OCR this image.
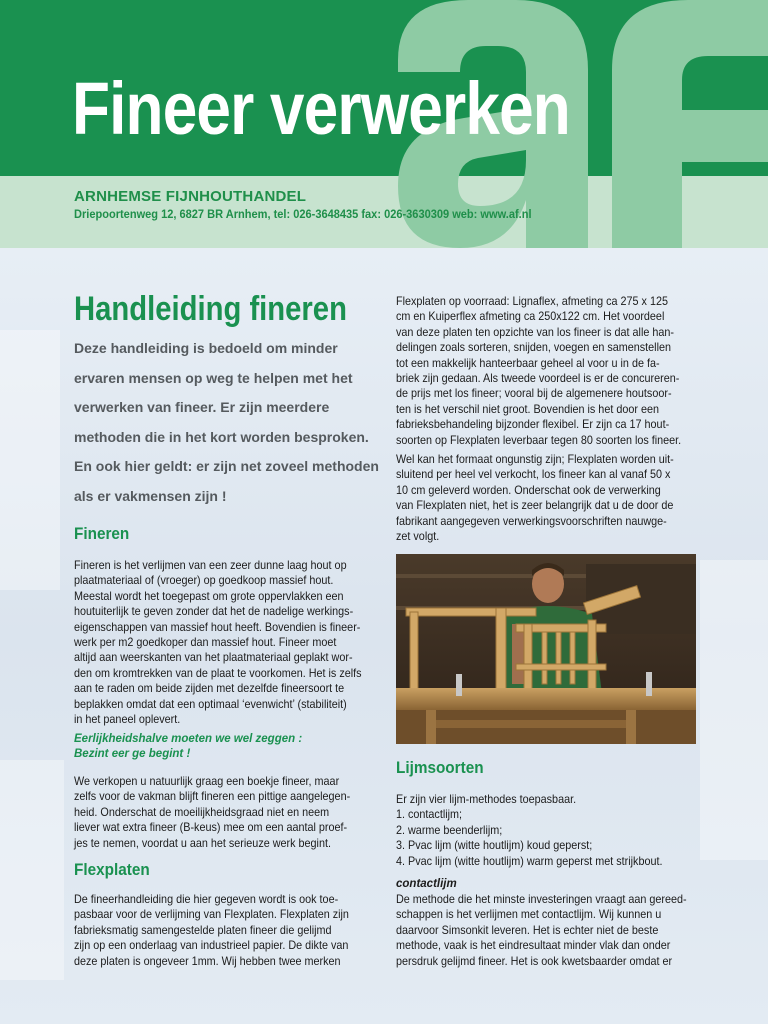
Fineer verwerken
ARNHEMSE FIJNHOUTHANDEL
Driepoortenweg 12, 6827 BR Arnhem, tel: 026-3648435 fax: 026-3630309 web: www.af.nl
Handleiding fineren

Deze handleiding is bedoeld om minder
ervaren mensen op weg te helpen met het
verwerken van fineer. Er zijn meerdere
methoden die in het kort worden besproken.
En ook hier geldt: er zijn net zoveel methoden
als er vakmensen zijn !

Fineren

Fineren is het verlijmen van een zeer dunne laag hout op
plaatmateriaal of (vroeger) op goedkoop massief hout.
Meestal wordt het toegepast om grote oppervlakken een
houtuiterlijk te geven zonder dat het de nadelige werkings-
eigenschappen van massief hout heeft. Bovendien is fineer-
werk per m2 goedkoper dan massief hout. Fineer moet
altijd aan weerskanten van het plaatmateriaal geplakt wor-
den om kromtrekken van de plaat te voorkomen. Het is zelfs
aan te raden om beide zijden met dezelfde fineersoort te
beplakken omdat dat een optimaal ‘evenwicht’ (stabiliteit)
in het paneel oplevert.

Eerlijkheidshalve moeten we wel zeggen :
Bezint eer ge begint !

We verkopen u natuurlijk graag een boekje fineer, maar
zelfs voor de vakman blijft fineren een pittige aangelegen-
heid. Onderschat de moeilijkheidsgraad niet en neem
liever wat extra fineer (B-keus) mee om een aantal proef-
jes te nemen, voordat u aan het serieuze werk begint.

Flexplaten

De fineerhandleiding die hier gegeven wordt is ook toe-
pasbaar voor de verlijming van Flexplaten. Flexplaten zijn
fabrieksmatig samengestelde platen fineer die gelijmd
zijn op een onderlaag van industrieel papier. De dikte van
deze platen is ongeveer 1mm. Wij hebben twee merken

Flexplaten op voorraad: Lignaflex, afmeting ca 275 x 125
cm en Kuiperflex afmeting ca 250x122 cm. Het voordeel
van deze platen ten opzichte van los fineer is dat alle han-
delingen zoals sorteren, snijden, voegen en samenstellen
tot een makkelijk hanteerbaar geheel al voor u in de fa-
briek zijn gedaan. Als tweede voordeel is er de concureren-
de prijs met los fineer; vooral bij de algemenere houtsoor-
ten is het verschil niet groot. Bovendien is het door een
fabrieksbehandeling bijzonder flexibel. Er zijn ca 17 hout-
soorten op Flexplaten leverbaar tegen 80 soorten los fineer.

Wel kan het formaat ongunstig zijn; Flexplaten worden uit-
sluitend per heel vel verkocht, los fineer kan al vanaf 50 x
10 cm geleverd worden. Onderschat ook de verwerking
van Flexplaten niet, het is zeer belangrijk dat u de door de
fabrikant aangegeven verwerkingsvoorschriften nauwge-
zet volgt.

Lijmsoorten

Er zijn vier lijm-methodes toepasbaar.
1. contactlijm;
2. warme beenderlijm;
3. Pvac lijm (witte houtlijm) koud geperst;
4. Pvac lijm (witte houtlijm) warm geperst met strijkbout.

contactlijm

De methode die het minste investeringen vraagt aan gereed-
schappen is het verlijmen met contactlijm. Wij kunnen u
daarvoor Simsonkit leveren. Het is echter niet de beste
methode, vaak is het eindresultaat minder vlak dan onder
persdruk gelijmd fineer. Het is ook kwetsbaarder omdat er
